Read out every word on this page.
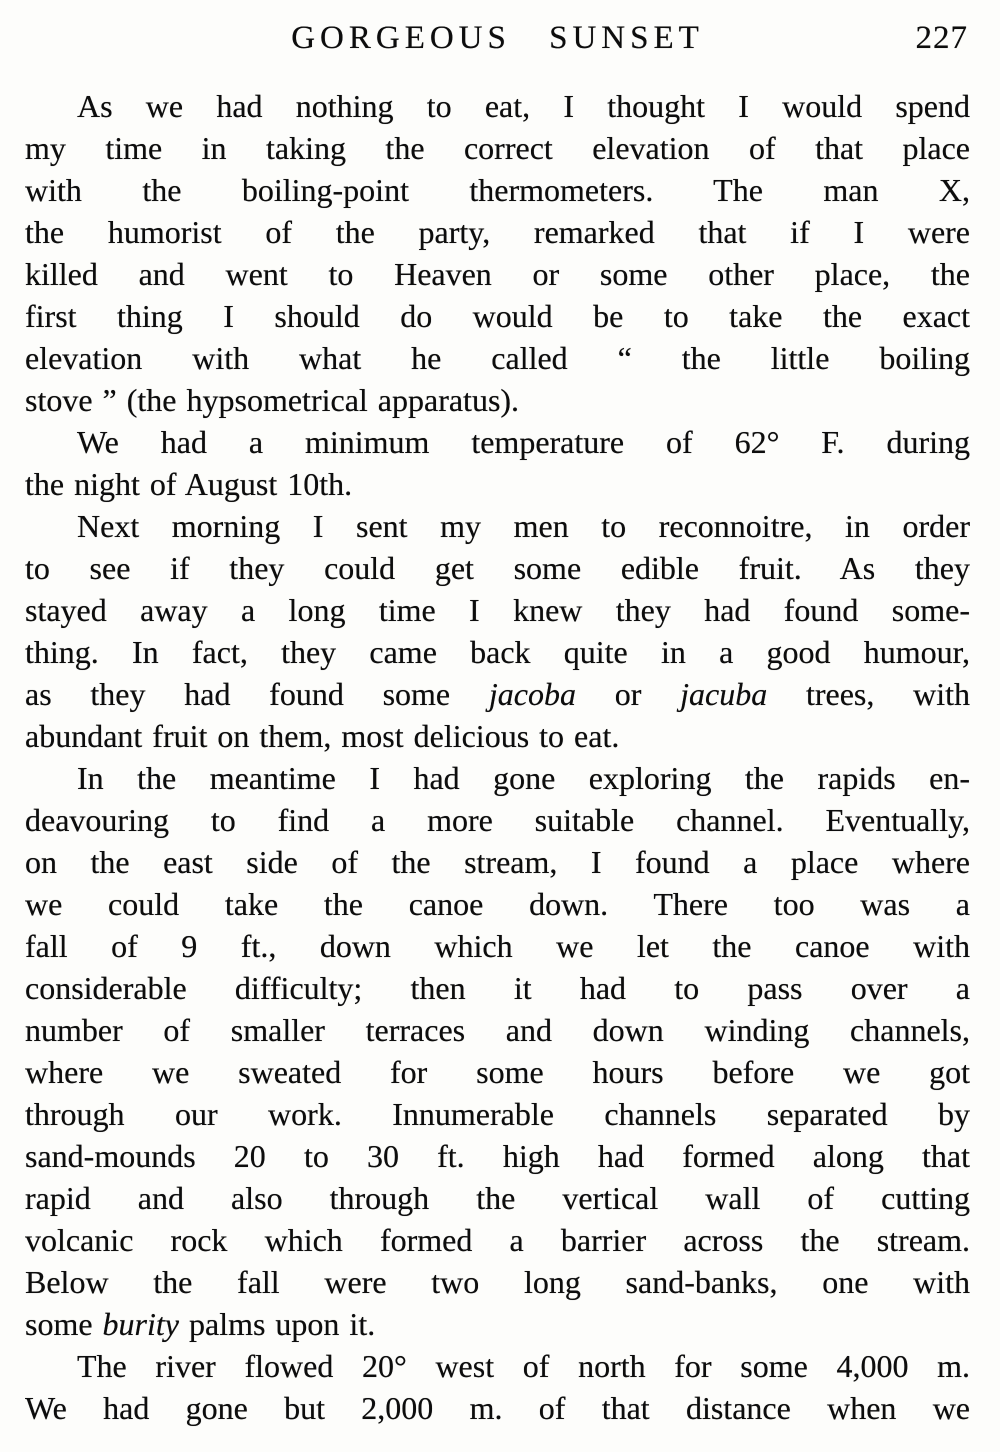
GORGEOUS SUNSET	227
As we had nothing to eat, I thought I would spend
my time in taking the correct elevation of that place
with the boiling-point thermometers. The man X,
the humorist of the party, remarked that if I were
killed and went to Heaven or some other place, the
first thing I should do would be to take the exact
elevation with what he called “ the little boiling
stove ” (the hypsometrical apparatus).
We had a minimum temperature of 62° F. during
the night of August 10th.
Next morning I sent my men to reconnoitre, in order
to see if they could get some edible fruit. As they
stayed away a long time I knew they had found some-
thing. In fact, they came back quite in a good humour,
as they had found some jacoba or jacuba trees, with
abundant fruit on them, most delicious to eat.
In the meantime I had gone exploring the rapids en-
deavouring to find a more suitable channel. Eventually,
on the east side of the stream, I found a place where
we could take the canoe down. There too was a
fall of 9 ft., down which we let the canoe with
considerable difficulty; then it had to pass over a
number of smaller terraces and down winding channels,
where we sweated for some hours before we got
through our work. Innumerable channels separated by
sand-mounds 20 to 30 ft. high had formed along that
rapid and also through the vertical wall of cutting
volcanic rock which formed a barrier across the stream.
Below the fall were two long sand-banks, one with
some burity palms upon it.
The river flowed 20° west of north for some 4,000 m.
We had gone but 2,000 m. of that distance when we
